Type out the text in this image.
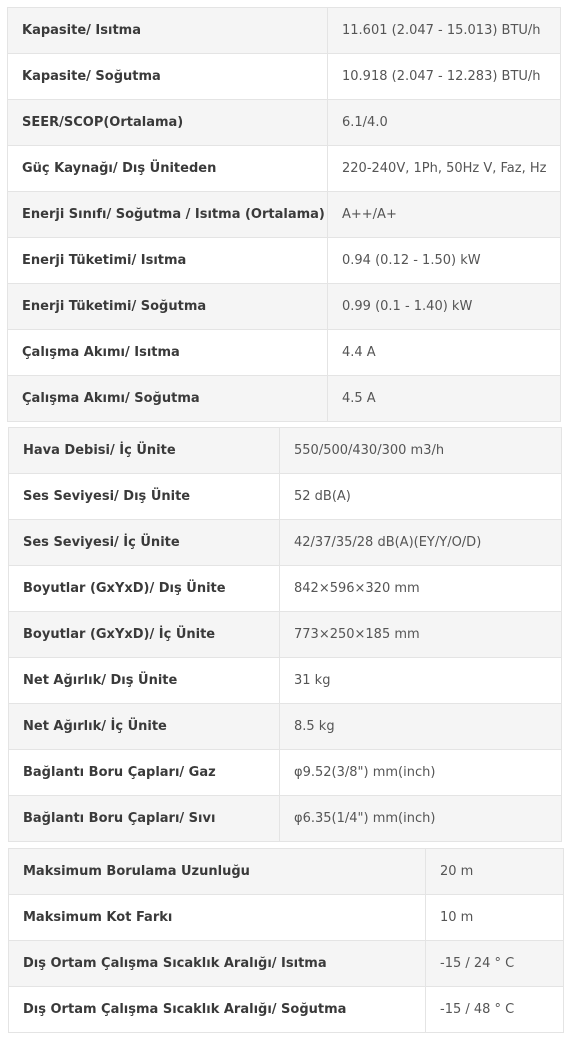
Kapasite/ Isıtma	11.601 (2.047 - 15.013) BTU/h
Kapasite/ Soğutma	10.918 (2.047 - 12.283) BTU/h
SEER/SCOP(Ortalama)	6.1/4.0
Güç Kaynağı/ Dış Üniteden	220-240V, 1Ph, 50Hz V, Faz, Hz
Enerji Sınıfı/ Soğutma / Isıtma (Ortalama)	A++/A+
Enerji Tüketimi/ Isıtma	0.94 (0.12 - 1.50) kW
Enerji Tüketimi/ Soğutma	0.99 (0.1 - 1.40) kW
Çalışma Akımı/ Isıtma	4.4 A
Çalışma Akımı/ Soğutma	4.5 A
Hava Debisi/ İç Ünite	550/500/430/300 m3/h
Ses Seviyesi/ Dış Ünite	52 dB(A)
Ses Seviyesi/ İç Ünite	42/37/35/28 dB(A)(EY/Y/O/D)
Boyutlar (GxYxD)/ Dış Ünite	842×596×320 mm
Boyutlar (GxYxD)/ İç Ünite	773×250×185 mm
Net Ağırlık/ Dış Ünite	31 kg
Net Ağırlık/ İç Ünite	8.5 kg
Bağlantı Boru Çapları/ Gaz	φ9.52(3/8") mm(inch)
Bağlantı Boru Çapları/ Sıvı	φ6.35(1/4") mm(inch)
Maksimum Borulama Uzunluğu	20 m
Maksimum Kot Farkı	10 m
Dış Ortam Çalışma Sıcaklık Aralığı/ Isıtma	-15 / 24 ° C
Dış Ortam Çalışma Sıcaklık Aralığı/ Soğutma	-15 / 48 ° C
